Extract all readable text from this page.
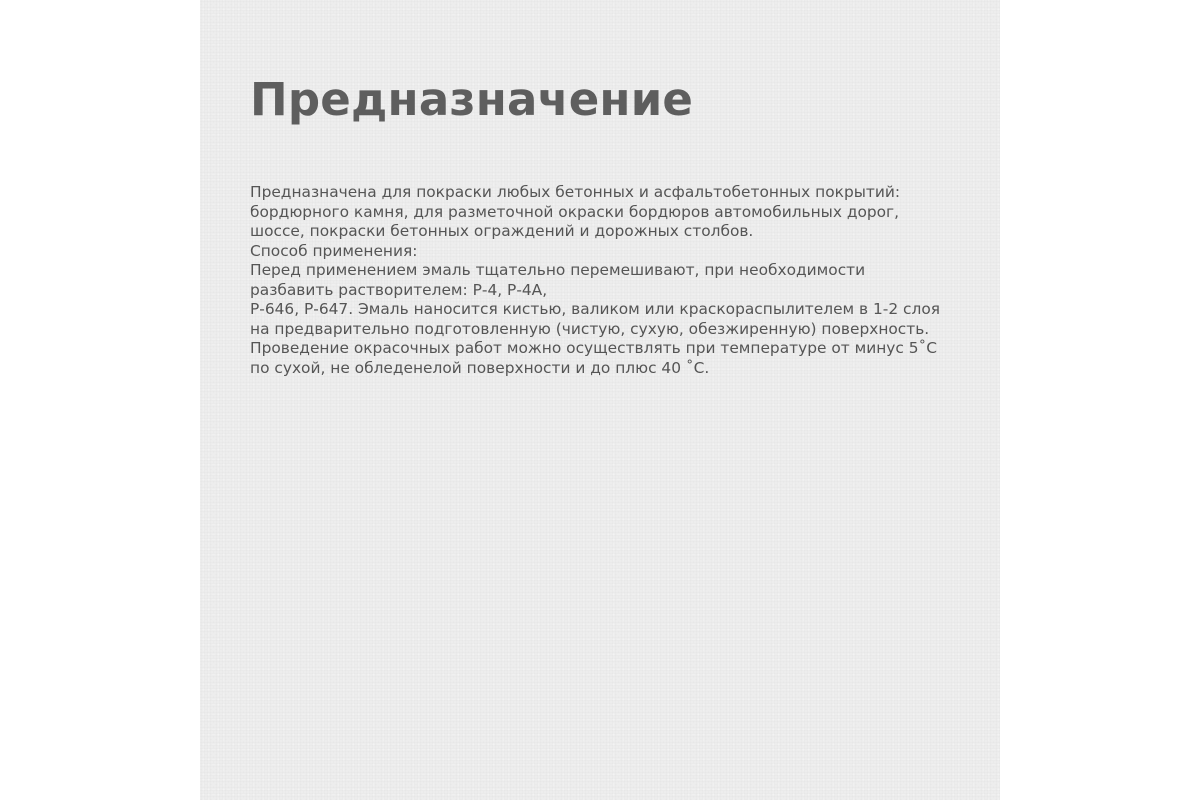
Предназначение
Предназначена для покраски любых бетонных и асфальтобетонных покрытий:
бордюрного камня, для разметочной окраски бордюров автомобильных дорог,
шоссе, покраски бетонных ограждений и дорожных столбов.
Способ применения:
Перед применением эмаль тщательно перемешивают, при необходимости
разбавить растворителем: Р-4, Р-4А,
Р-646, Р-647. Эмаль наносится кистью, валиком или краскораспылителем в 1-2 слоя
на предварительно подготовленную (чистую, сухую, обезжиренную) поверхность.
Проведение окрасочных работ можно осуществлять при температуре от минус 5˚С
по сухой, не обледенелой поверхности и до плюс 40 ˚С.
